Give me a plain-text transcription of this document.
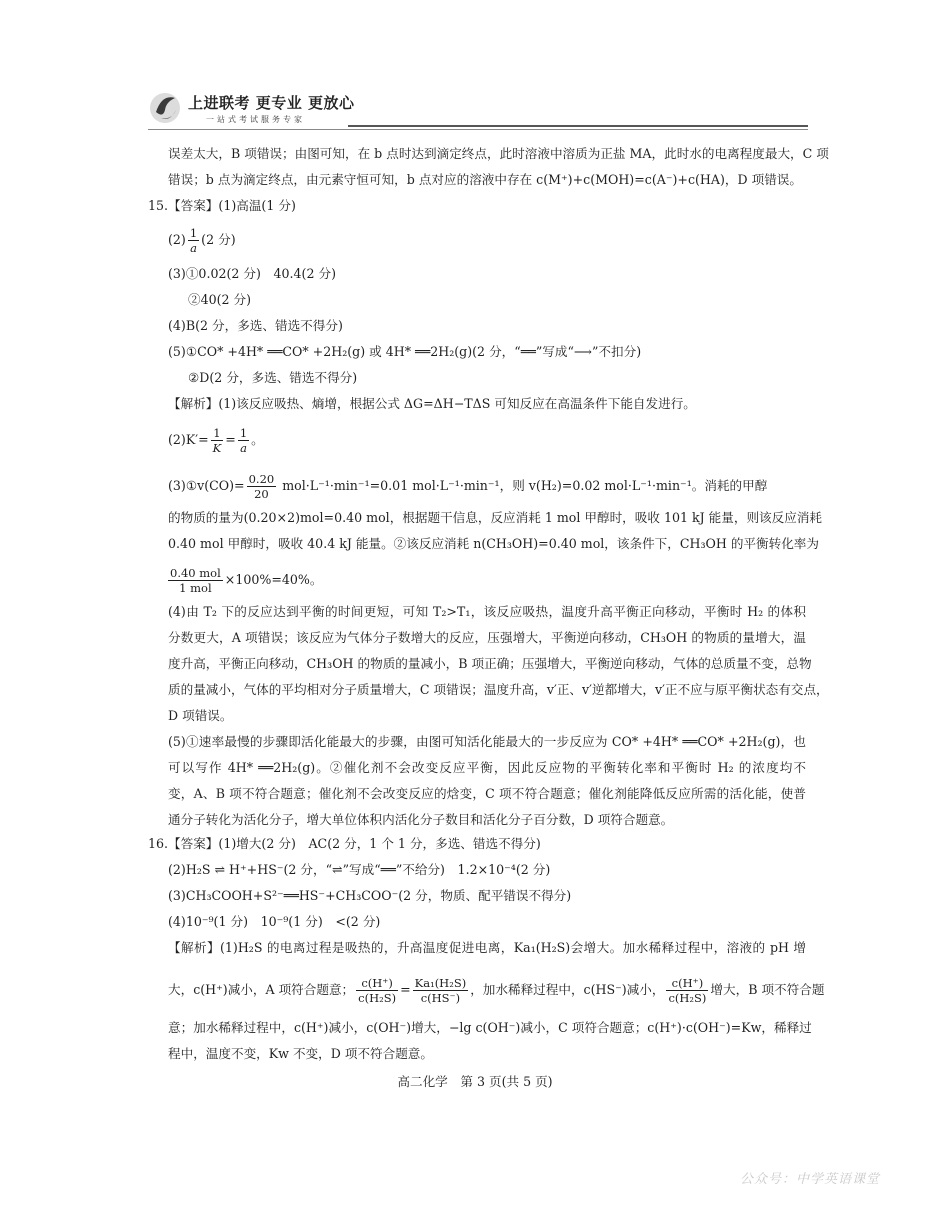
上进联考 更专业 更放心
一站式考试服务专家
误差太大，B 项错误；由图可知，在 b 点时达到滴定终点，此时溶液中溶质为正盐 MA，此时水的电离程度最大，C 项
错误；b 点为滴定终点，由元素守恒可知，b 点对应的溶液中存在 c(M⁺)+c(MOH)=c(A⁻)+c(HA)，D 项错误。
15.【答案】(1)高温(1 分)
$(2) \frac{1}{a} (2$ 分)
(3)①0.02(2 分)　40.4(2 分)
②40(2 分)
(4)B(2 分，多选、错选不得分)
(5)①CO* +4H* ══CO* +2H₂(g) 或 4H* ══2H₂(g)(2 分，“══”写成“⟶”不扣分)
②D(2 分，多选、错选不得分)
【解析】(1)该反应吸热、熵增，根据公式 ΔG=ΔH−TΔS 可知反应在高温条件下能自发进行。
$(2)K'= \frac{1}{K} = \frac{1}{a}$ 。
(3)①v(CO)= $\frac{0.20}{20} mol\cdot L^{-1}\cdot\min^{-1}=0.01$ mol·L⁻¹·min⁻¹，则 v(H₂)=0.02 mol·L⁻¹·min⁻¹。消耗的甲醇
的物质的量为(0.20×2)mol=0.40 mol，根据题干信息，反应消耗 1 mol 甲醇时，吸收 101 kJ 能量，则该反应消耗
0.40 mol 甲醇时，吸收 40.4 kJ 能量。②该反应消耗 n(CH₃OH)=0.40 mol，该条件下，CH₃OH 的平衡转化率为
$\frac{\text{0.40 mol}}{\text{1 mol}} \times 100\%=40\%$。
(4)由 T₂ 下的反应达到平衡的时间更短，可知 T₂>T₁，该反应吸热，温度升高平衡正向移动，平衡时 H₂ 的体积
分数更大，A 项错误；该反应为气体分子数增大的反应，压强增大，平衡逆向移动，CH₃OH 的物质的量增大，温
度升高，平衡正向移动，CH₃OH 的物质的量减小，B 项正确；压强增大，平衡逆向移动，气体的总质量不变，总物
质的量减小，气体的平均相对分子质量增大，C 项错误；温度升高，v′正、v′逆都增大，v′正不应与原平衡状态有交点，
D 项错误。
(5)①速率最慢的步骤即活化能最大的步骤，由图可知活化能最大的一步反应为 CO* +4H* ══CO* +2H₂(g)，也
可以写作 4H* ══2H₂(g)。②催化剂不会改变反应平衡，因此反应物的平衡转化率和平衡时 H₂ 的浓度均不
变，A、B 项不符合题意；催化剂不会改变反应的焓变，C 项不符合题意；催化剂能降低反应所需的活化能，使普
通分子转化为活化分子，增大单位体积内活化分子数目和活化分子百分数，D 项符合题意。
16.【答案】(1)增大(2 分)　AC(2 分，1 个 1 分，多选、错选不得分)
(2)H₂S ⇌ H⁺+HS⁻(2 分，“⇌”写成“══”不给分)　1.2×10⁻⁴(2 分)
(3)CH₃COOH+S²⁻══HS⁻+CH₃COO⁻(2 分，物质、配平错误不得分)
(4)10⁻⁹(1 分)　10⁻⁹(1 分)　<(2 分)
【解析】(1)H₂S 的电离过程是吸热的，升高温度促进电离，Ka₁(H₂S)会增大。加水稀释过程中，溶液的 pH 增
大，c(H⁺)减小，A 项符合题意； $\frac{c(H^+)}{\text{c(H₂S)}} = \frac{\text{Ka₁(H₂S)}}{c(HS^-)}$ ，加水稀释过程中，c(HS⁻)减小， $\frac{c(H^+)}{\text{c(H₂S)}}$ 增大，B 项不符合题
意；加水稀释过程中，c(H⁺)减小，c(OH⁻)增大，−lg c(OH⁻)减小，C 项符合题意；c(H⁺)·c(OH⁻)=Kw，稀释过
程中，温度不变，Kw 不变，D 项不符合题意。
高二化学　第 3 页(共 5 页)
公众号：中学英语课堂
